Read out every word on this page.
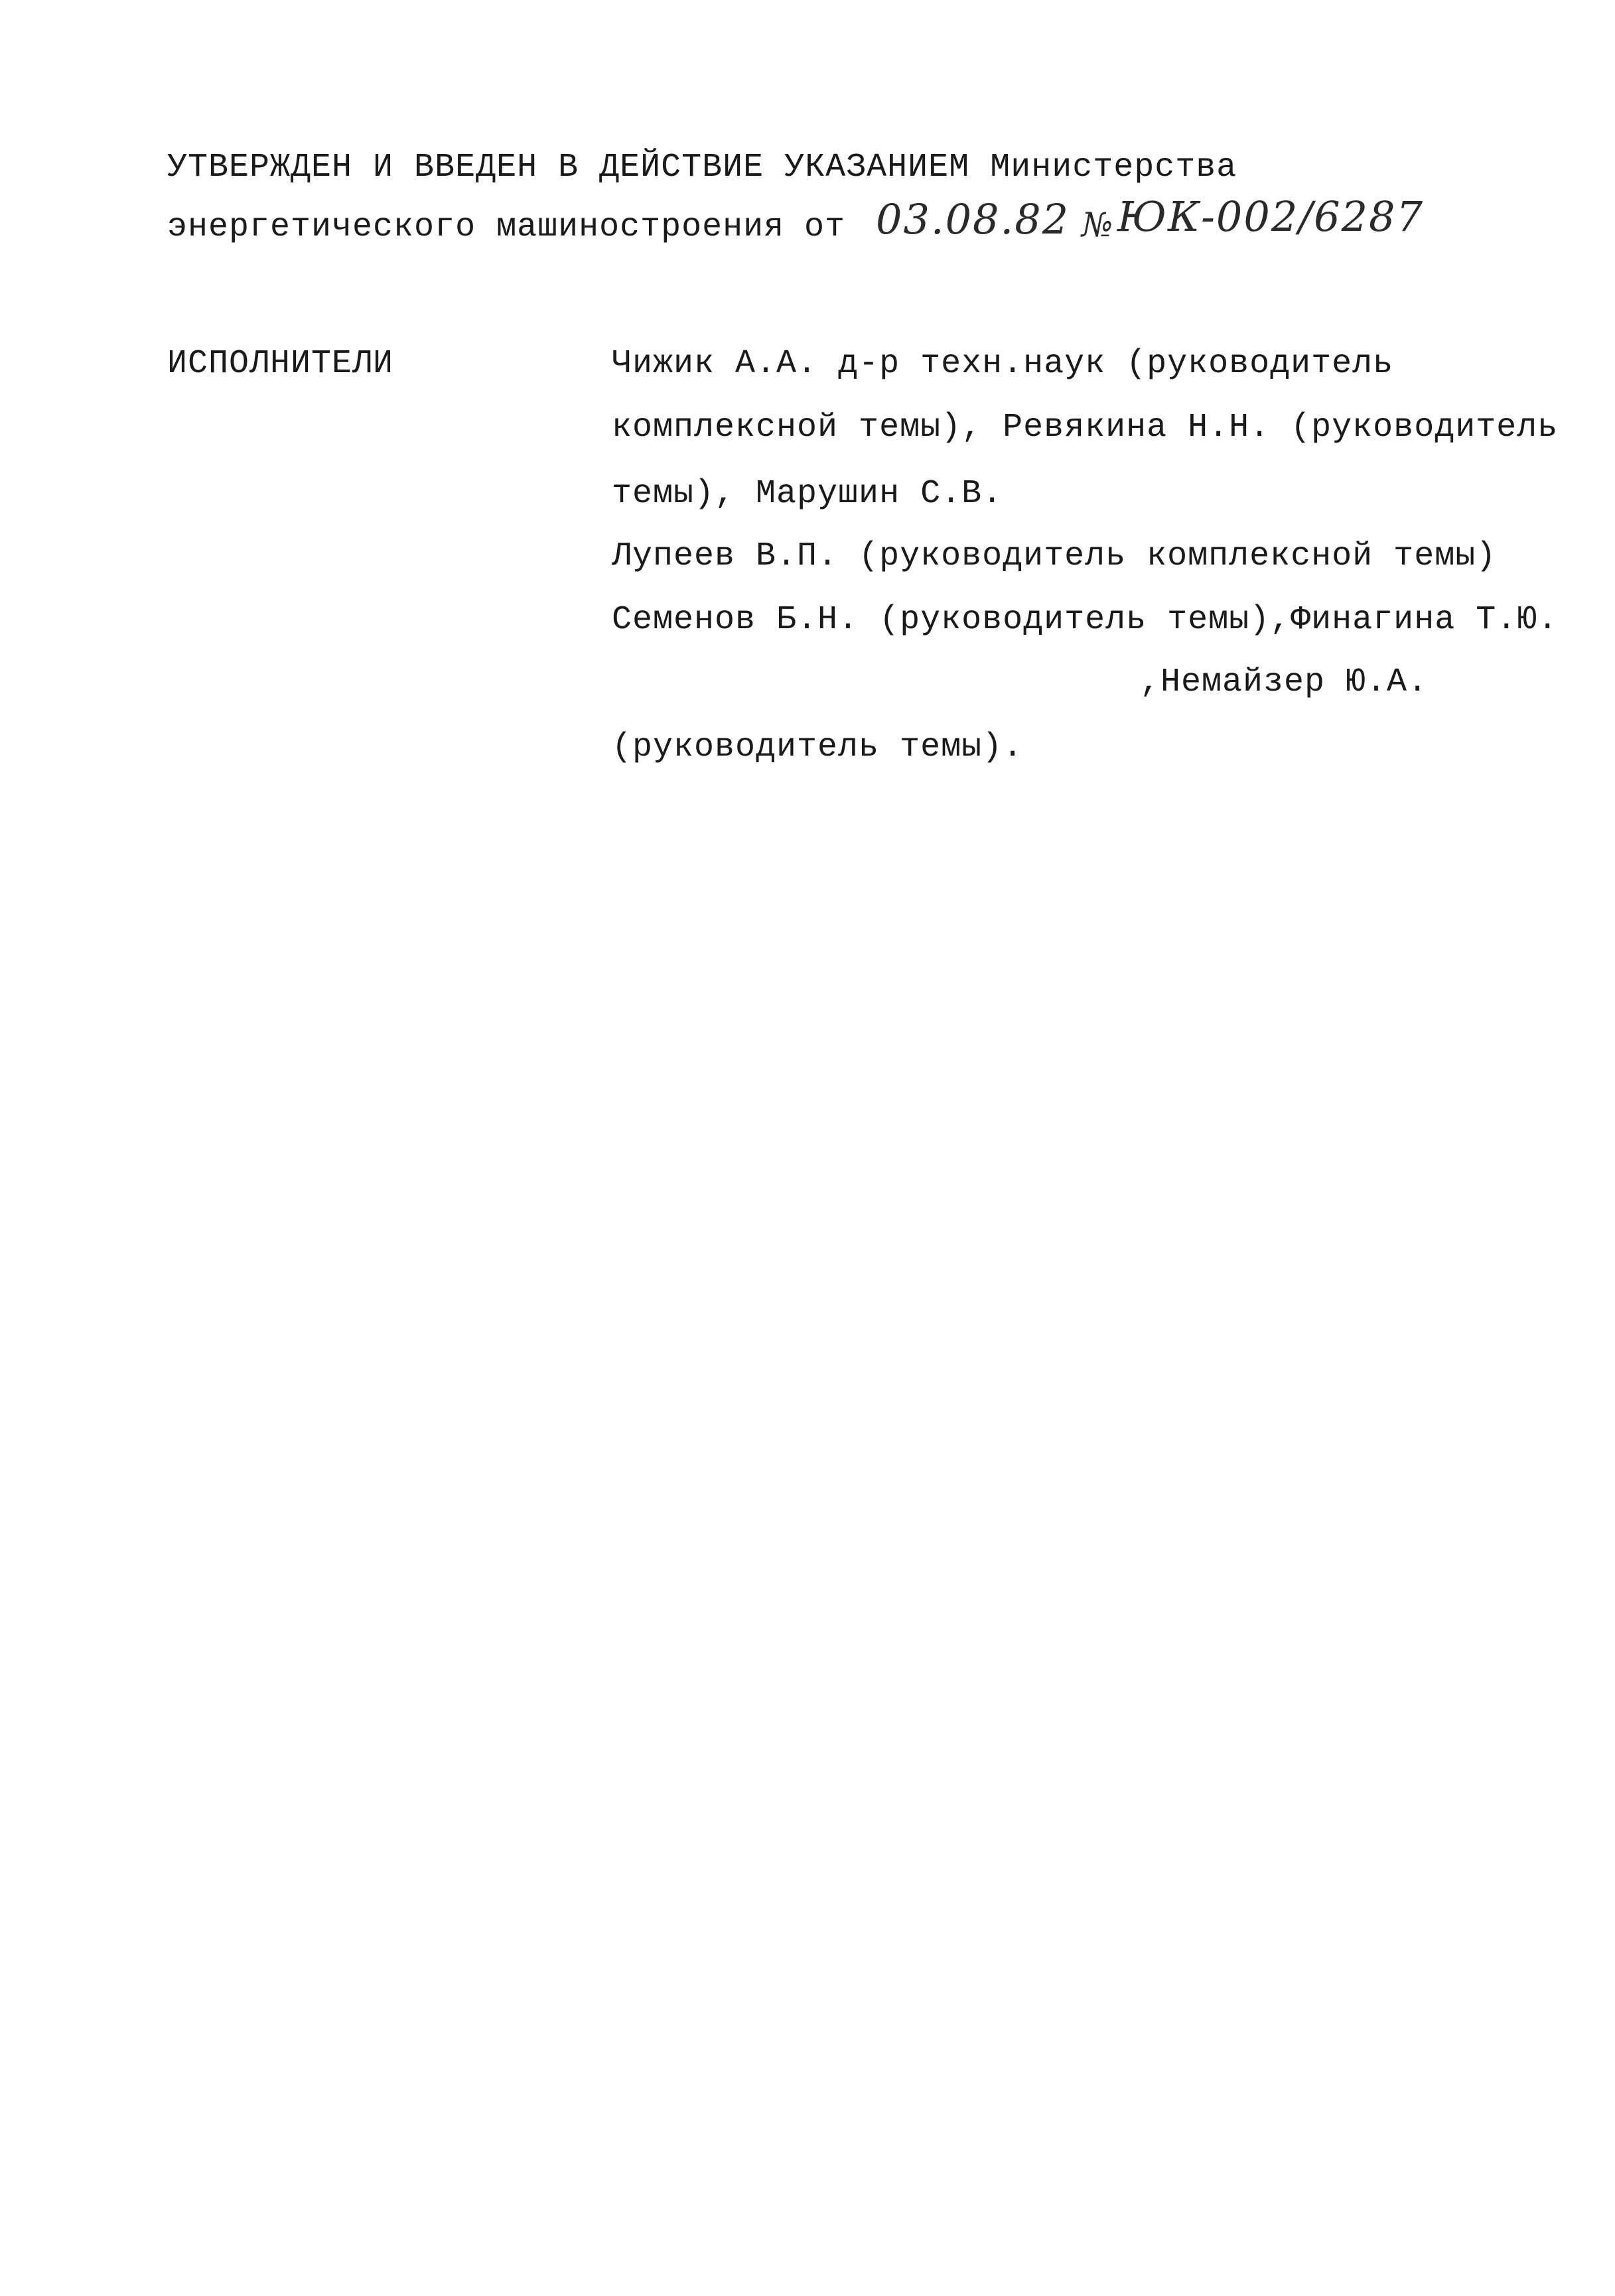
УТВЕРЖДЕН И ВВЕДЕН В ДЕЙСТВИЕ УКАЗАНИЕМ Министерства
энергетического машиностроения от 03.08.82 № ЮК-002/6287
ИСПОЛНИТЕЛИ	Чижик А.А. д-р техн.наук (руководитель
комплексной темы), Ревякина Н.Н. (руководитель
темы), Марушин С.В.
Лупеев В.П. (руководитель комплексной темы)
Семенов Б.Н. (руководитель темы),Финагина Т.Ю.
,Немайзер Ю.А.
(руководитель темы).
